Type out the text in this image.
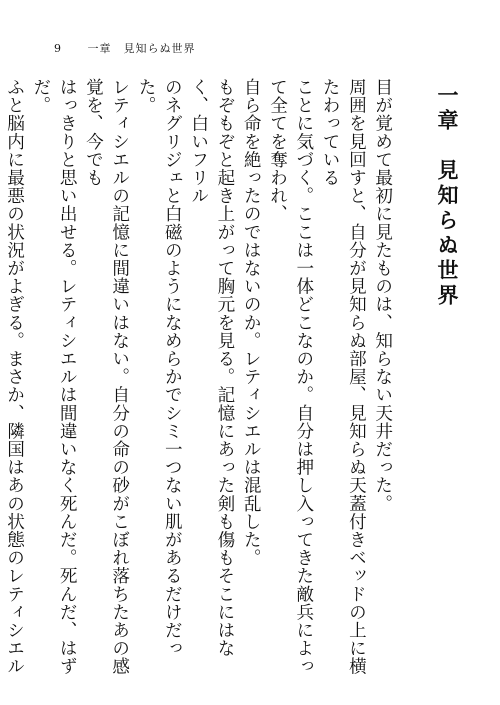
9 一章　見知らぬ世界
一章　見知らぬ世界
目が覚めて最初に見たものは、知らない天井だった。
周囲を見回すと、自分が見知らぬ部屋、見知らぬ天蓋付きベッドの上に横たわっている
ことに気づく。ここは一体どこなのか。自分は押し入ってきた敵兵によって全てを奪われ、
自ら命を絶ったのではないのか。レティシエルは混乱した。
もぞもぞと起き上がって胸元を見る。記憶にあった剣も傷もそこにはなく、白いフリル
のネグリジェと白磁のようになめらかでシミ一つない肌があるだけだった。
レティシエルの記憶に間違いはない。自分の命の砂がこぼれ落ちたあの感覚を、今でも
はっきりと思い出せる。レティシエルは間違いなく死んだ。死んだ、はずだ。
ふと脳内に最悪の状況がよぎる。まさか、隣国はあの状態のレティシエル
